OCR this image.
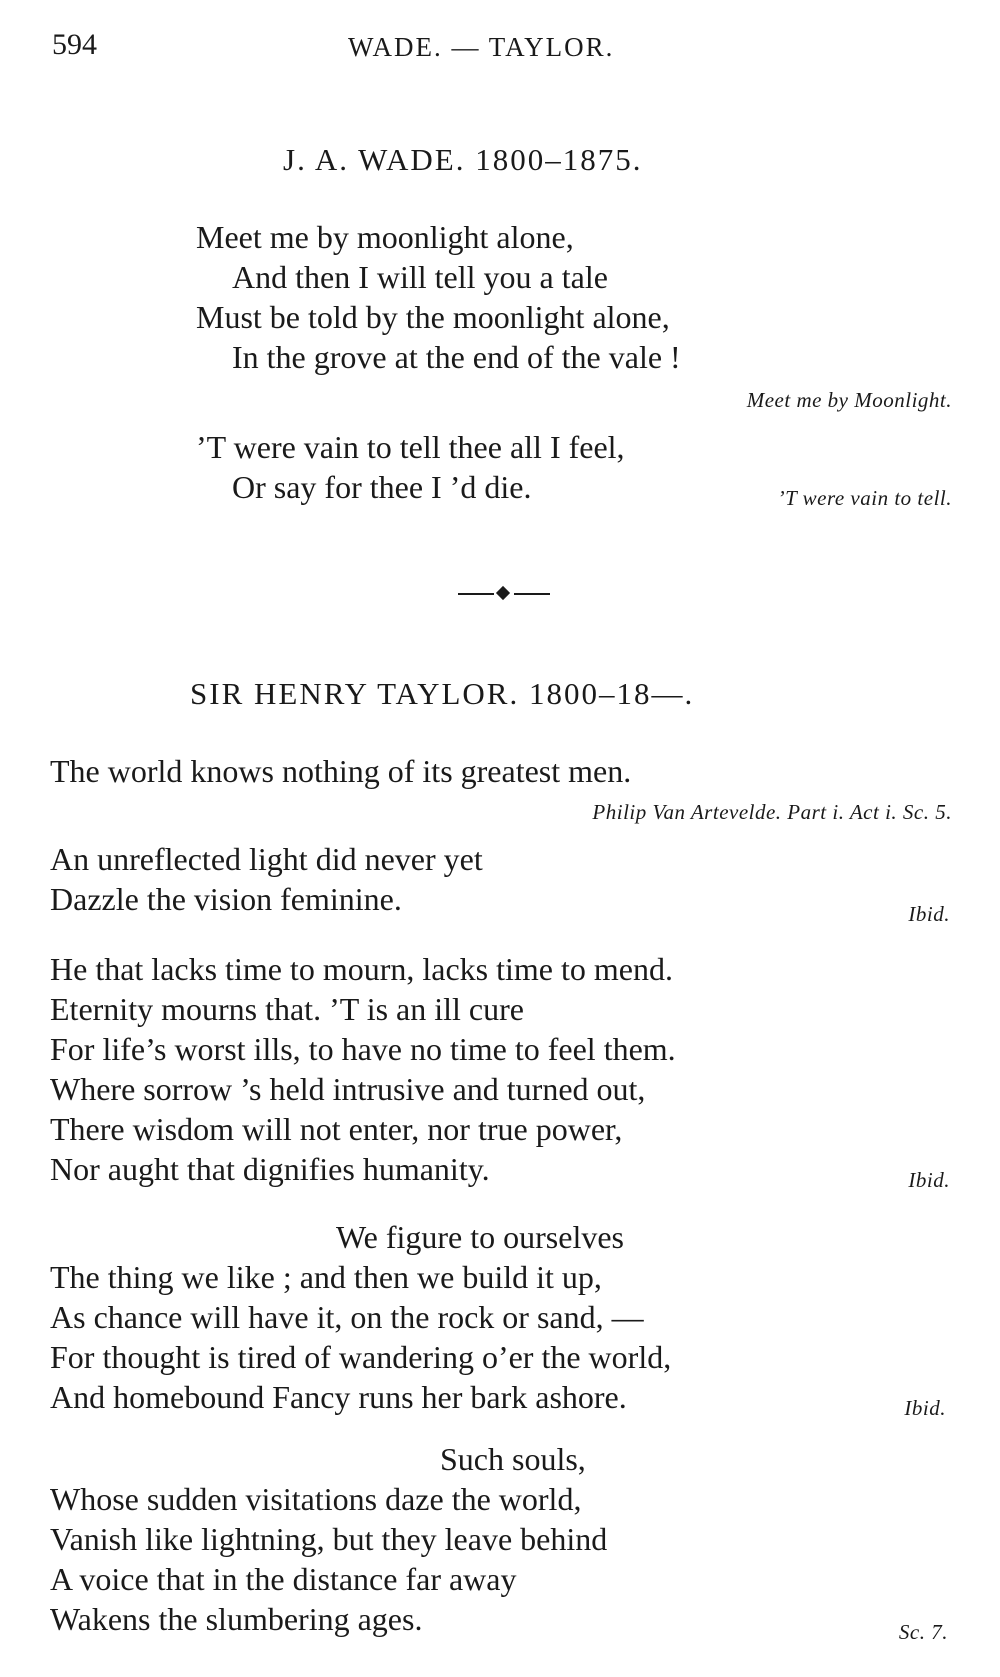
594	WADE. — TAYLOR.
J. A. WADE. 1800–1875.
Meet me by moonlight alone,
And then I will tell you a tale
Must be told by the moonlight alone,
In the grove at the end of the vale !
Meet me by Moonlight.
’T were vain to tell thee all I feel,
Or say for thee I ’d die.	’T were vain to tell.
SIR HENRY TAYLOR. 1800–18—.
The world knows nothing of its greatest men.
Philip Van Artevelde. Part i. Act i. Sc. 5.
An unreflected light did never yet
Dazzle the vision feminine.	Ibid.
He that lacks time to mourn, lacks time to mend.
Eternity mourns that. ’T is an ill cure
For life’s worst ills, to have no time to feel them.
Where sorrow ’s held intrusive and turned out,
There wisdom will not enter, nor true power,
Nor aught that dignifies humanity.	Ibid.
We figure to ourselves
The thing we like ; and then we build it up,
As chance will have it, on the rock or sand, —
For thought is tired of wandering o’er the world,
And homebound Fancy runs her bark ashore.	Ibid.
Such souls,
Whose sudden visitations daze the world,
Vanish like lightning, but they leave behind
A voice that in the distance far away
Wakens the slumbering ages.	Sc. 7.
